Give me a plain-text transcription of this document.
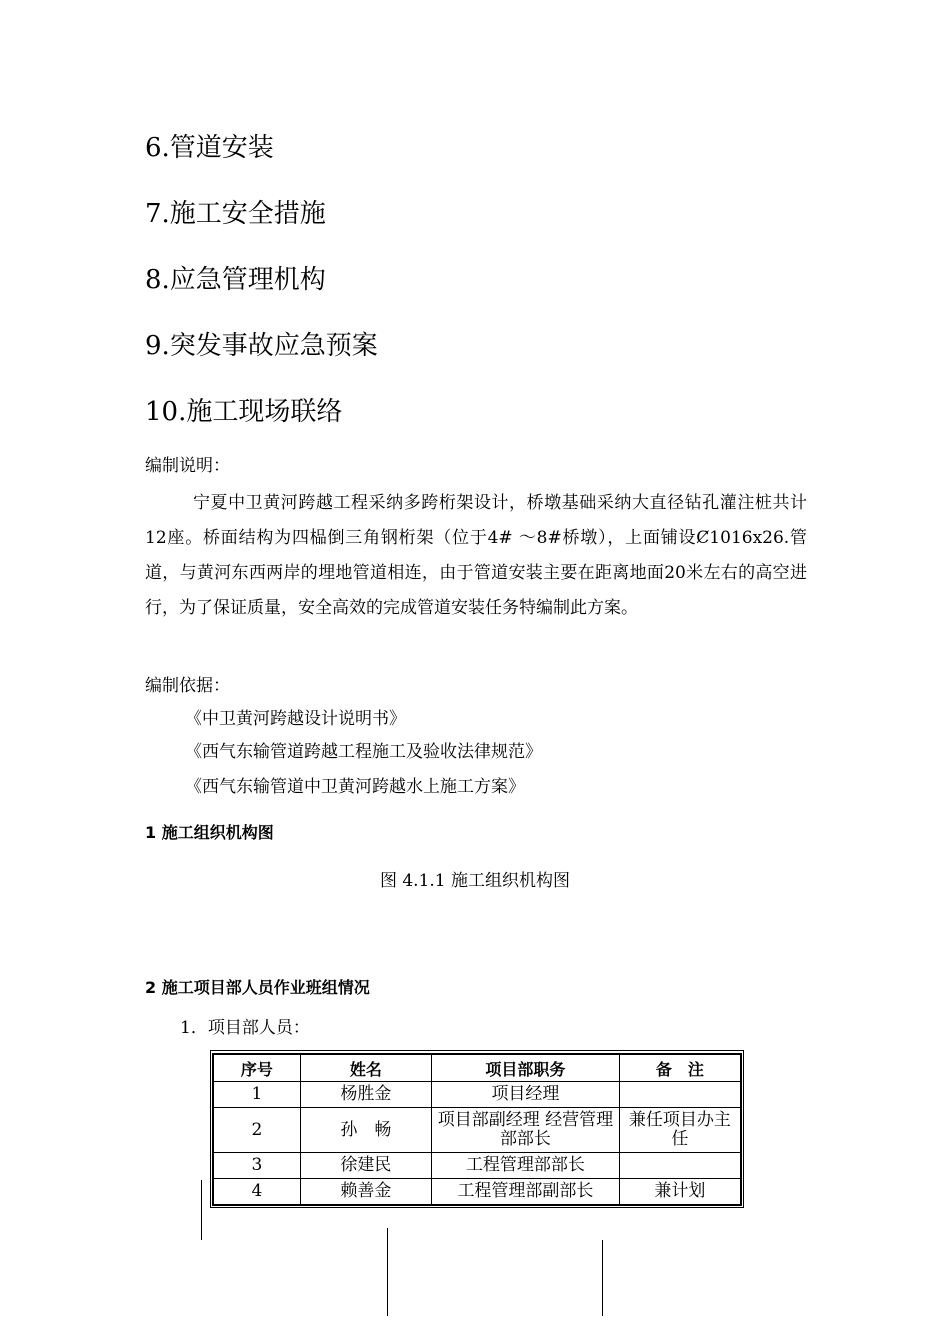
6.管道安装
7.施工安全措施
8.应急管理机构
9.突发事故应急预案
10.施工现场联络
编制说明：
宁夏中卫黄河跨越工程采纳多跨桁架设计，桥墩基础采纳大直径钻孔灌注桩共计12座。桥面结构为四榀倒三角钢桁架（位于4# ～8#桥墩），上面铺设Ȼ1016x26.管道，与黄河东西两岸的埋地管道相连，由于管道安装主要在距离地面20米左右的高空进行，为了保证质量，安全高效的完成管道安装任务特编制此方案。
编制依据：
《中卫黄河跨越设计说明书》
《西气东输管道跨越工程施工及验收法律规范》
《西气东输管道中卫黄河跨越水上施工方案》
1 施工组织机构图
图 4.1.1 施工组织机构图
2 施工项目部人员作业班组情况
1．项目部人员：
序号	姓名	项目部职务	备　注
1	杨胜金	项目经理	
2	孙　畅	项目部副经理 经营管理部部长	兼任项目办主任
3	徐建民	工程管理部部长	
4	赖善金	工程管理部副部长	兼计划
